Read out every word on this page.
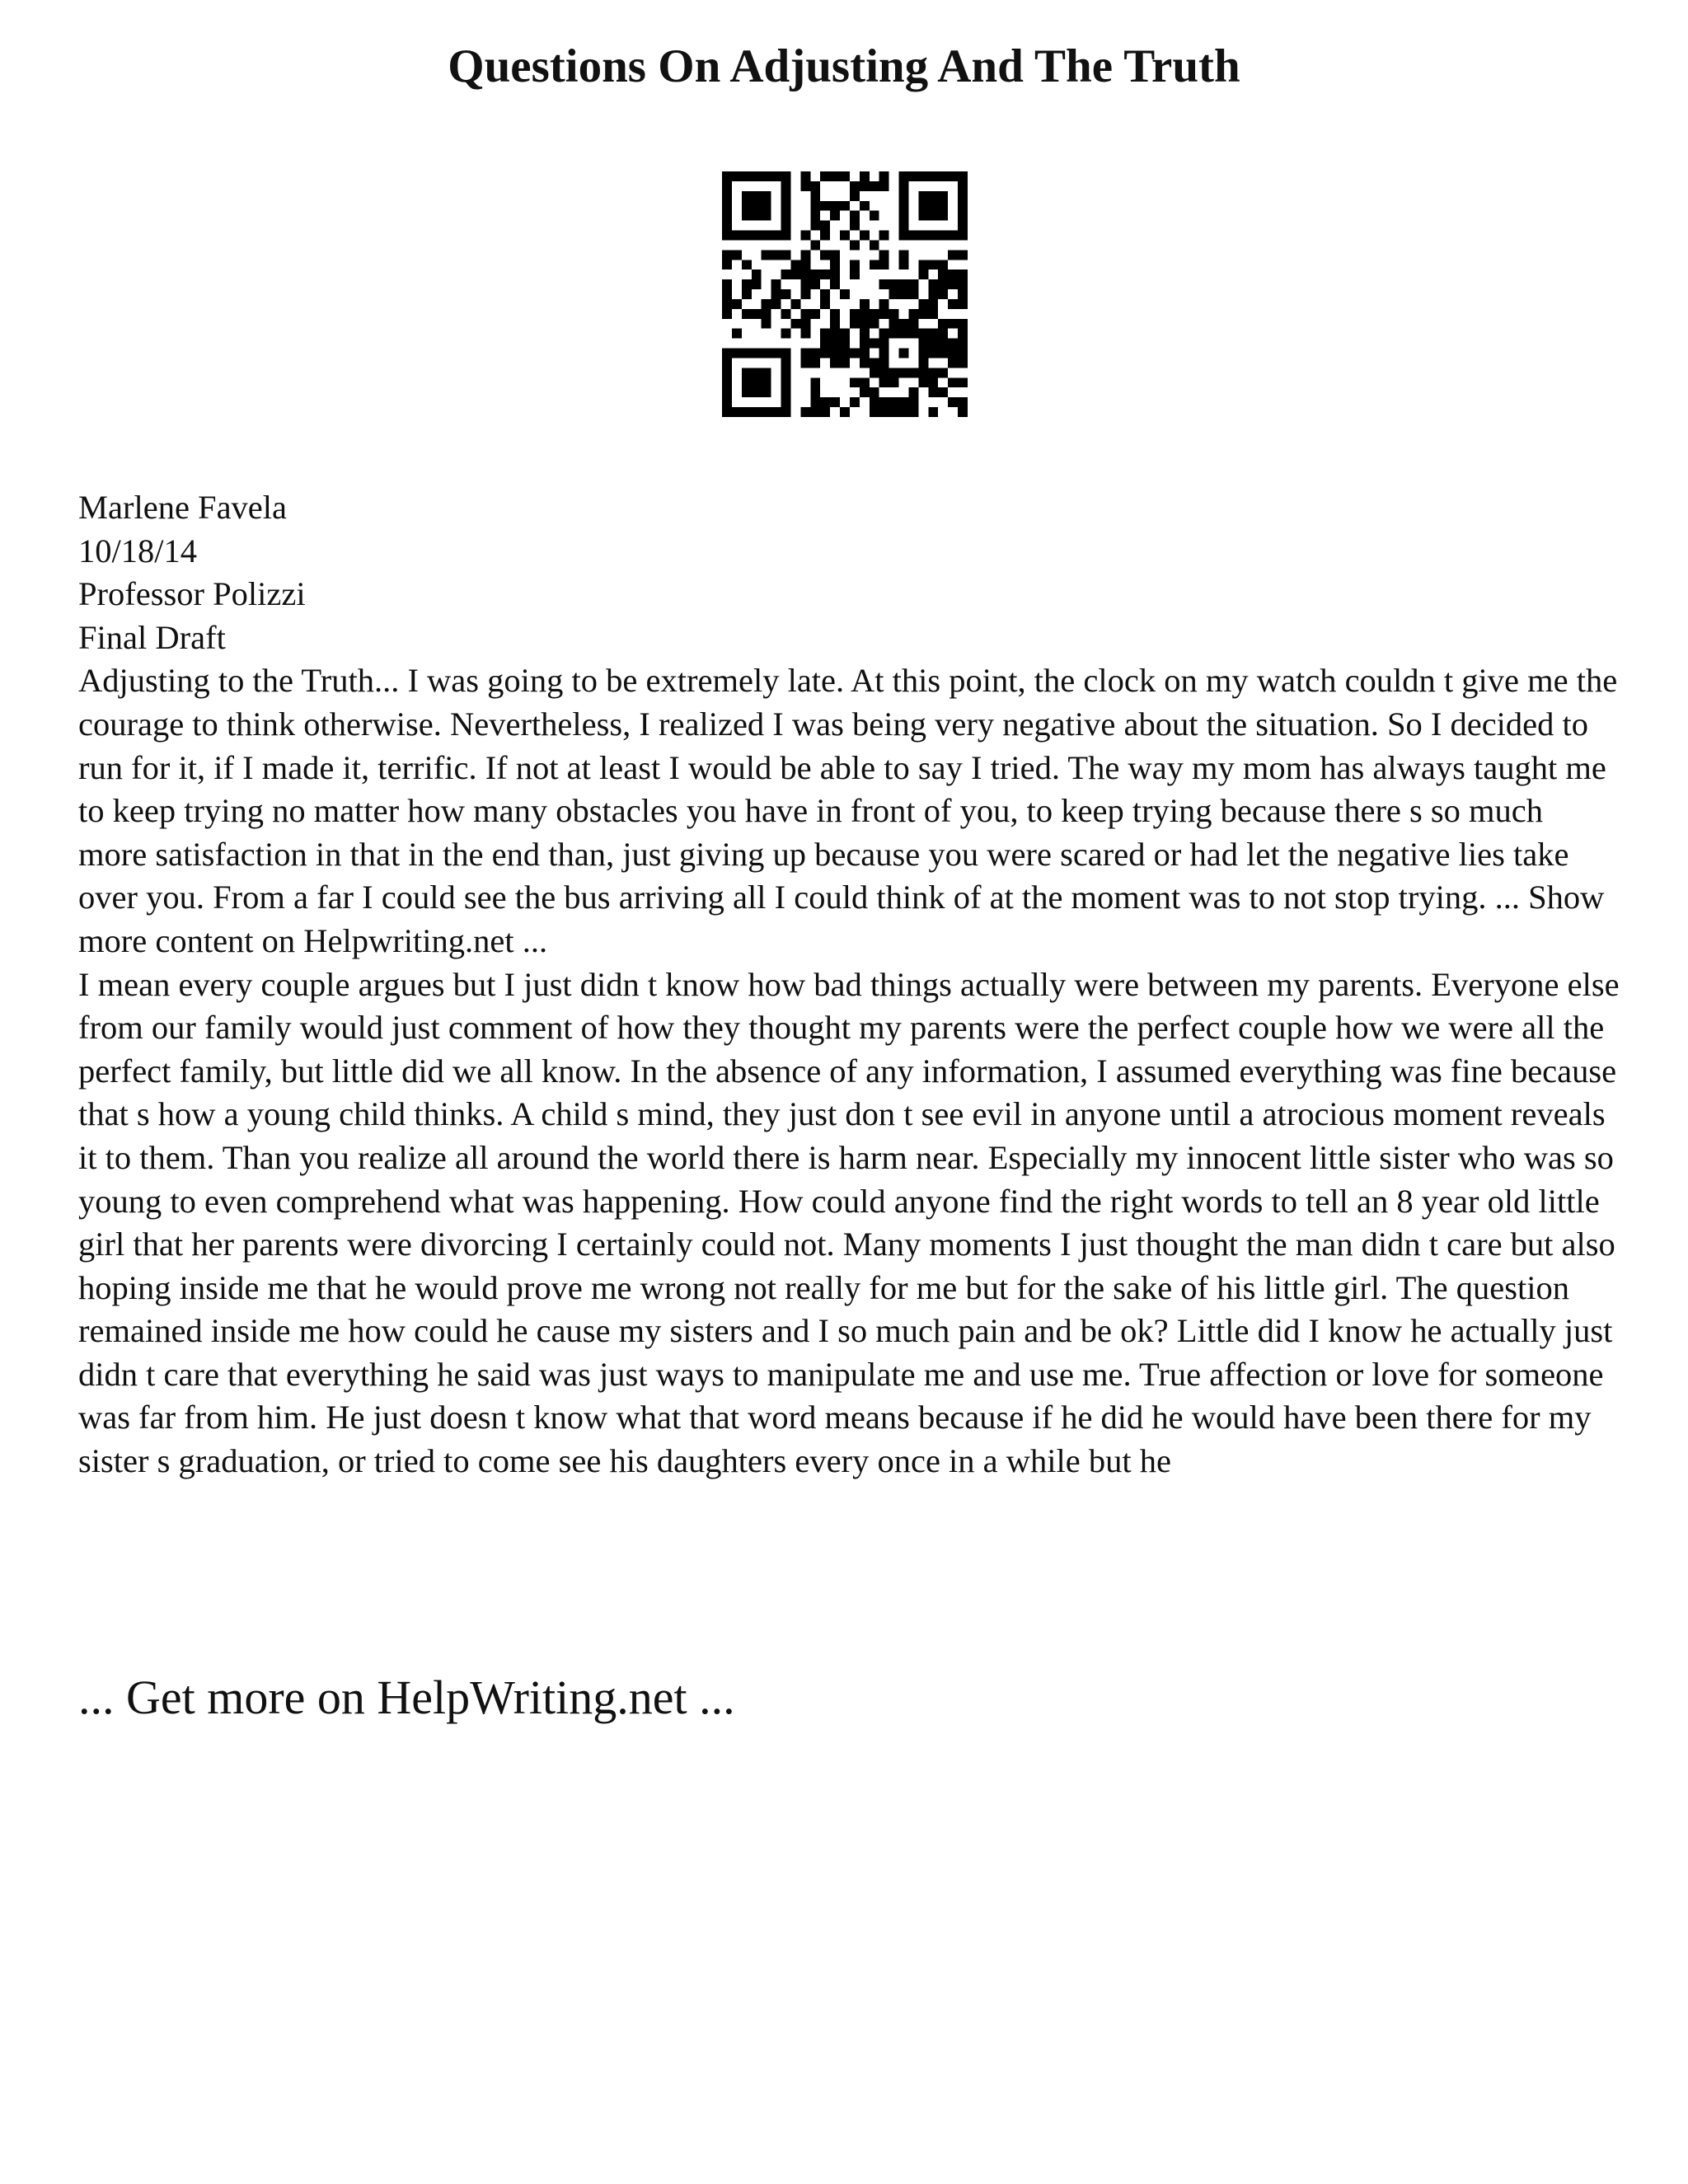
Questions On Adjusting And The Truth

Marlene Favela

10/18/14

Professor Polizzi

Final Draft

Adjusting to the Truth... I was going to be extremely late. At this point, the clock on my watch couldn t give me the courage to think otherwise. Nevertheless, I realized I was being very negative about the situation. So I decided to run for it, if I made it, terrific. If not at least I would be able to say I tried. The way my mom has always taught me to keep trying no matter how many obstacles you have in front of you, to keep trying because there s so much more satisfaction in that in the end than, just giving up because you were scared or had let the negative lies take over you. From a far I could see the bus arriving all I could think of at the moment was to not stop trying. ... Show more content on Helpwriting.net ...

I mean every couple argues but I just didn t know how bad things actually were between my parents. Everyone else from our family would just comment of how they thought my parents were the perfect couple how we were all the perfect family, but little did we all know. In the absence of any information, I assumed everything was fine because that s how a young child thinks. A child s mind, they just don t see evil in anyone until a atrocious moment reveals it to them. Than you realize all around the world there is harm near. Especially my innocent little sister who was so young to even comprehend what was happening. How could anyone find the right words to tell an 8 year old little girl that her parents were divorcing I certainly could not. Many moments I just thought the man didn t care but also hoping inside me that he would prove me wrong not really for me but for the sake of his little girl. The question remained inside me how could he cause my sisters and I so much pain and be ok? Little did I know he actually just didn t care that everything he said was just ways to manipulate me and use me. True affection or love for someone was far from him. He just doesn t know what that word means because if he did he would have been there for my sister s graduation, or tried to come see his daughters every once in a while but he

... Get more on HelpWriting.net ...
